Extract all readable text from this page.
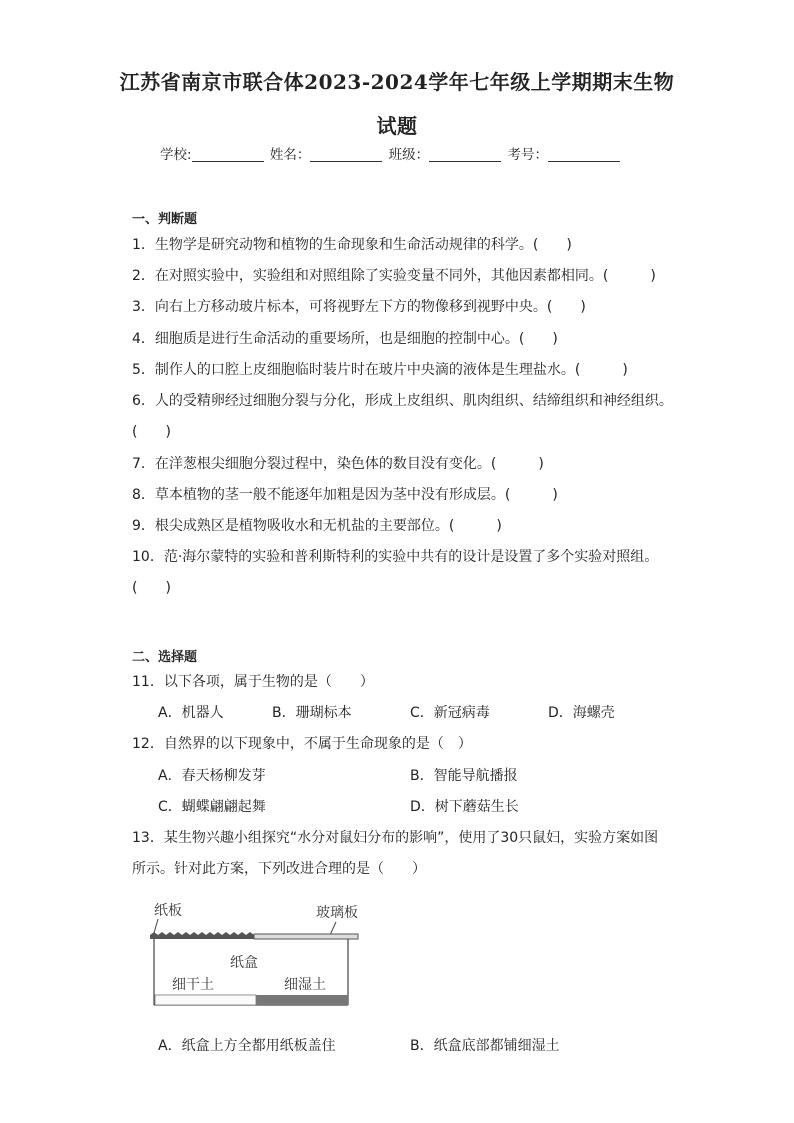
江苏省南京市联合体2023-2024学年七年级上学期期末生物
试题
学校:	姓名：	班级：	考号：
一、判断题
1．生物学是研究动物和植物的生命现象和生命活动规律的科学。(　　)
2．在对照实验中，实验组和对照组除了实验变量不同外，其他因素都相同。(　　　)
3．向右上方移动玻片标本，可将视野左下方的物像移到视野中央。(　　)
4．细胞质是进行生命活动的重要场所，也是细胞的控制中心。(　　)
5．制作人的口腔上皮细胞临时装片时在玻片中央滴的液体是生理盐水。(　　　)
6．人的受精卵经过细胞分裂与分化，形成上皮组织、肌肉组织、结缔组织和神经组织。
(　　)
7．在洋葱根尖细胞分裂过程中，染色体的数目没有变化。(　　　)
8．草本植物的茎一般不能逐年加粗是因为茎中没有形成层。(　　　)
9．根尖成熟区是植物吸收水和无机盐的主要部位。(　　　)
10．范·海尔蒙特的实验和普利斯特利的实验中共有的设计是设置了多个实验对照组。
(　　)
二、选择题
11．以下各项，属于生物的是（　　）
A．机器人	B．珊瑚标本	C．新冠病毒	D．海螺壳
12．自然界的以下现象中，不属于生命现象的是（　）
A．春天杨柳发芽	B．智能导航播报
C．蝴蝶翩翩起舞	D．树下蘑菇生长
13．某生物兴趣小组探究“水分对鼠妇分布的影响”，使用了30只鼠妇，实验方案如图
所示。针对此方案，下列改进合理的是（　　）
纸板	玻璃板
纸盒
细干土	细湿土
A．纸盒上方全都用纸板盖住	B．纸盒底部都铺细湿土
